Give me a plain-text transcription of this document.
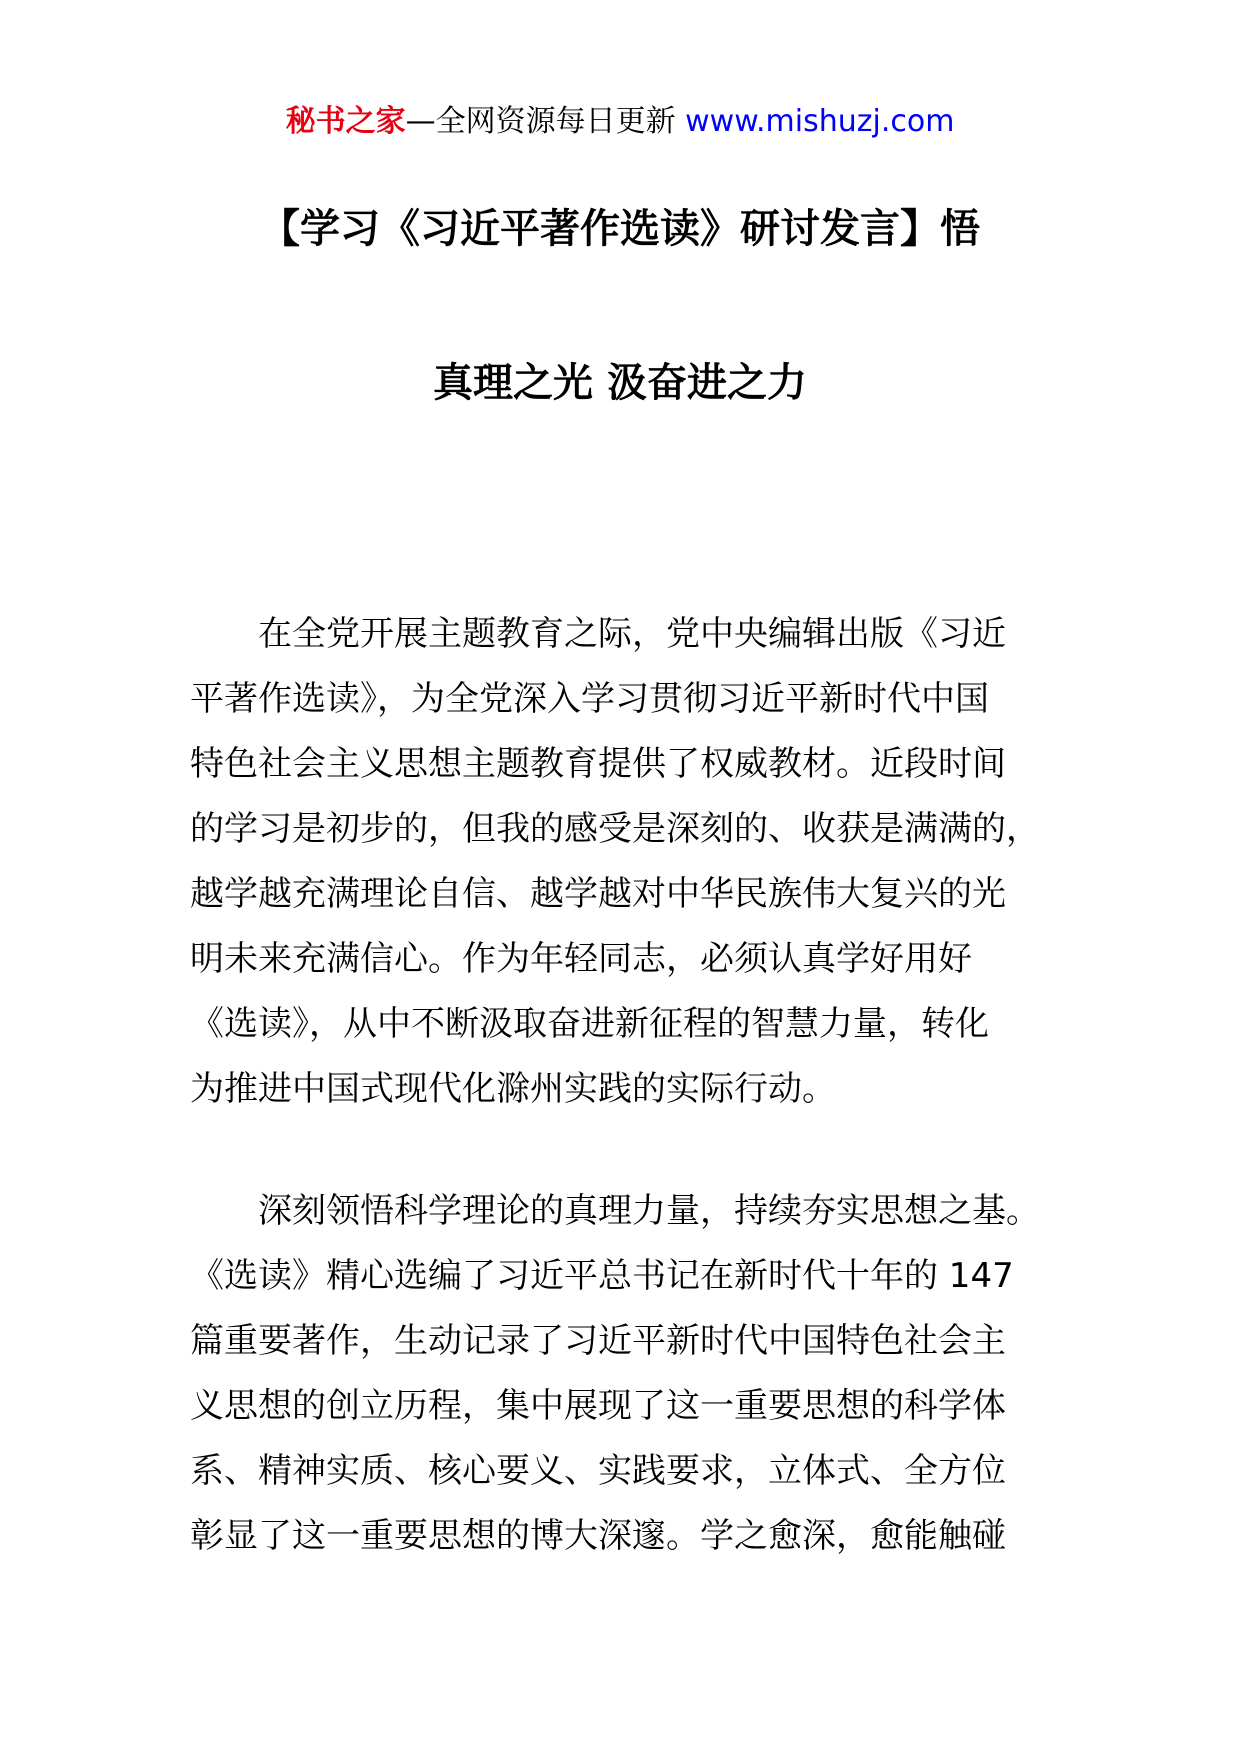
秘书之家—全网资源每日更新 www.mishuzj.com
【学习《习近平著作选读》研讨发言】悟
真理之光 汲奋进之力
　　在全党开展主题教育之际，党中央编辑出版《习近
平著作选读》，为全党深入学习贯彻习近平新时代中国
特色社会主义思想主题教育提供了权威教材。近段时间
的学习是初步的，但我的感受是深刻的、收获是满满的，
越学越充满理论自信、越学越对中华民族伟大复兴的光
明未来充满信心。作为年轻同志，必须认真学好用好
《选读》，从中不断汲取奋进新征程的智慧力量，转化
为推进中国式现代化滁州实践的实际行动。
　　深刻领悟科学理论的真理力量，持续夯实思想之基。
《选读》精心选编了习近平总书记在新时代十年的 147
篇重要著作，生动记录了习近平新时代中国特色社会主
义思想的创立历程，集中展现了这一重要思想的科学体
系、精神实质、核心要义、实践要求，立体式、全方位
彰显了这一重要思想的博大深邃。学之愈深，愈能触碰
